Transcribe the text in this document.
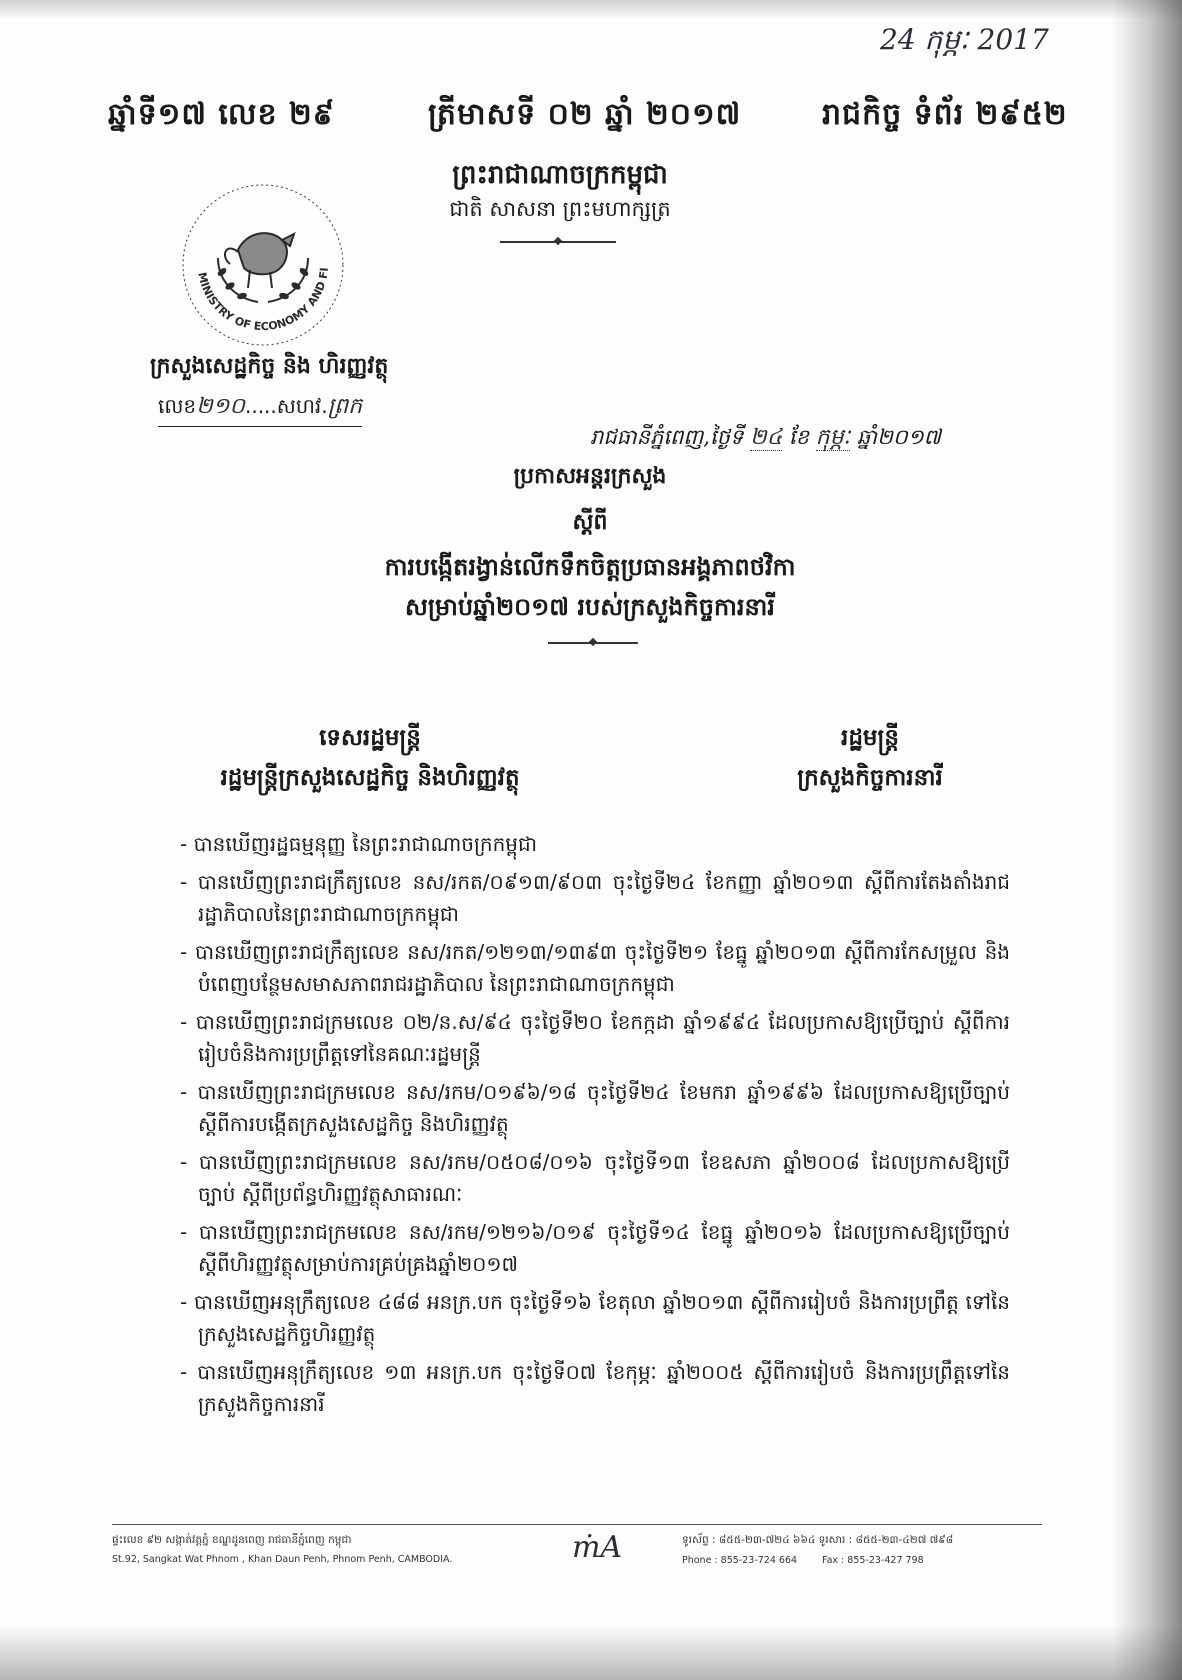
24 កុម្ភៈ 2017
ឆ្នាំទី១៧ លេខ ២៩	ត្រីមាសទី ០២ ឆ្នាំ ២០១៧	រាជកិច្ច ទំព័រ ២៩៥២
ព្រះរាជាណាចក្រកម្ពុជា
ជាតិ សាសនា ព្រះមហាក្សត្រ
MINISTRY OF ECONOMY AND FI
ក្រសួងសេដ្ឋកិច្ច និង ហិរញ្ញវត្ថុ
លេខ២១០.....សហវ.ព្រក
រាជធានីភ្នំពេញ,ថ្ងៃទី ២៤ ខែ កុម្ភៈ ឆ្នាំ២០១៧
ប្រកាសអន្តរក្រសួង
ស្តីពី
ការបង្កើតរង្វាន់លើកទឹកចិត្តប្រធានអង្គភាពថវិកា
សម្រាប់ឆ្នាំ២០១៧ របស់ក្រសួងកិច្ចការនារី
ទេសរដ្ឋមន្ត្រី
រដ្ឋមន្ត្រីក្រសួងសេដ្ឋកិច្ច និងហិរញ្ញវត្ថុ
រដ្ឋមន្ត្រី
ក្រសួងកិច្ចការនារី
- បានឃើញរដ្ឋធម្មនុញ្ញ នៃព្រះរាជាណាចក្រកម្ពុជា
- បានឃើញព្រះរាជក្រឹត្យលេខ នស/រកត/០៩១៣/៩០៣ ចុះថ្ងៃទី២៤ ខែកញ្ញា ឆ្នាំ២០១៣ ស្តីពីការតែងតាំងរាជរដ្ឋាភិបាលនៃព្រះរាជាណាចក្រកម្ពុជា
- បានឃើញព្រះរាជក្រឹត្យលេខ នស/រកត/១២១៣/១៣៩៣ ចុះថ្ងៃទី២១ ខែធ្នូ ឆ្នាំ២០១៣ ស្តីពីការកែសម្រួល និងបំពេញបន្ថែមសមាសភាពរាជរដ្ឋាភិបាល នៃព្រះរាជាណាចក្រកម្ពុជា
- បានឃើញព្រះរាជក្រមលេខ ០២/ន.ស/៩៤ ចុះថ្ងៃទី២០ ខែកក្កដា ឆ្នាំ១៩៩៤ ដែលប្រកាសឱ្យប្រើច្បាប់ ស្តីពីការរៀបចំនិងការប្រព្រឹត្តទៅនៃគណៈរដ្ឋមន្ត្រី
- បានឃើញព្រះរាជក្រមលេខ នស/រកម/០១៩៦/១៨ ចុះថ្ងៃទី២៤ ខែមករា ឆ្នាំ១៩៩៦ ដែលប្រកាសឱ្យប្រើច្បាប់ ស្តីពីការបង្កើតក្រសួងសេដ្ឋកិច្ច និងហិរញ្ញវត្ថុ
- បានឃើញព្រះរាជក្រមលេខ នស/រកម/០៥០៨/០១៦ ចុះថ្ងៃទី១៣ ខែឧសភា ឆ្នាំ២០០៨ ដែលប្រកាសឱ្យប្រើច្បាប់ ស្តីពីប្រព័ន្ធហិរញ្ញវត្ថុសាធារណៈ
- បានឃើញព្រះរាជក្រមលេខ នស/រកម/១២១៦/០១៩ ចុះថ្ងៃទី១៤ ខែធ្នូ ឆ្នាំ២០១៦ ដែលប្រកាសឱ្យប្រើច្បាប់ស្តីពីហិរញ្ញវត្ថុសម្រាប់ការគ្រប់គ្រងឆ្នាំ២០១៧
- បានឃើញអនុក្រឹត្យលេខ ៤៨៨ អនក្រ.បក ចុះថ្ងៃទី១៦ ខែតុលា ឆ្នាំ២០១៣ ស្តីពីការរៀបចំ និងការប្រព្រឹត្ត ទៅនៃក្រសួងសេដ្ឋកិច្ចហិរញ្ញវត្ថុ
- បានឃើញអនុក្រឹត្យលេខ ១៣ អនក្រ.បក ចុះថ្ងៃទី០៧ ខែកុម្ភៈ ឆ្នាំ២០០៥ ស្តីពីការរៀបចំ និងការប្រព្រឹត្តទៅនៃក្រសួងកិច្ចការនារី
ផ្ទះលេខ ៩២ សង្កាត់វត្តភ្នំ ខណ្ឌដូនពេញ រាជធានីភ្នំពេញ កម្ពុជា
St.92, Sangkat Wat Phnom , Khan Daun Penh, Phnom Penh, CAMBODIA.	ṁA	ទូរស័ព្ទ : ៨៥៥-២៣-៧២៤ ៦៦៤ ទូរសារ : ៨៥៥-២៣-៤២៧ ៧៩៨
Phone : 855-23-724 664	Fax : 855-23-427 798
